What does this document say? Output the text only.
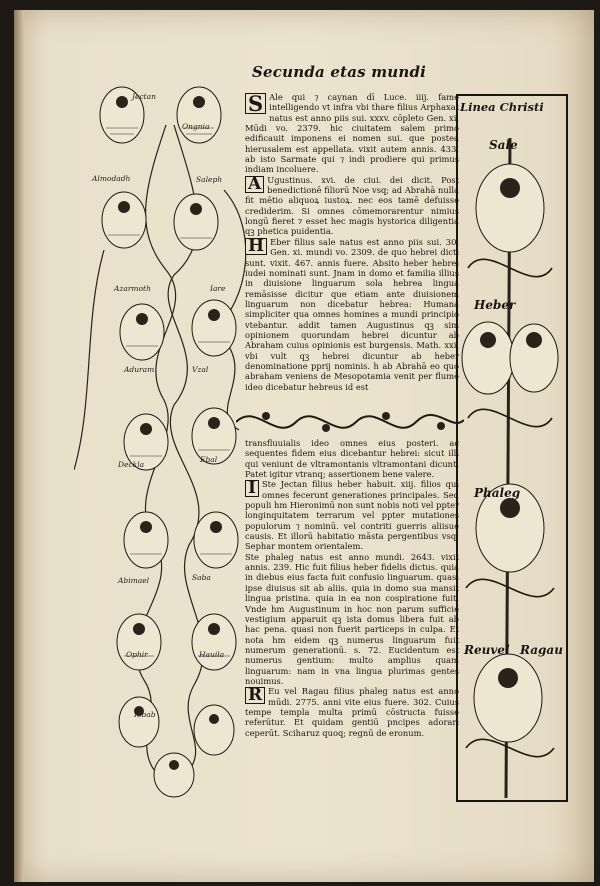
Secunda etas mundi
Jectan
Ongnia
Almodadh	Saleph
Azarmoth	Iare
Aduram	Vzal
Deckla
Ebal
Abimael	Saba
Ophir	Hauila
Iobab

S Ale qui ⁊ caynan dī Luce. iiij. fame intelligendo vt infra vbi thare filius Arphaxat natus est anno piis sui. xxxv. cōpleto Gen. xi. Mūdi vo. 2379. hic ciuitatem salem primo edificauit imponens ei nomen sui. que postea hierusalem est appellata. vixit autem annis. 433. ab isto Sarmate qui ⁊ indi prodiere qui primus indiam incoluere.

A Ugustinus. xvi. de ciui. dei dicit. Post benedictionē filiorū Noe vsq; ad Abrahā nulla fit mētio aliquoꝝ iustoꝝ. nec eos tamē defuisse crediderim. Si omnes cōmemorarentur nimius longū fieret ⁊ esset hec magis hystorica diligentia qꝫ phetica puidentia.

H Eber filius sale natus est anno piis sui. 30. Gen. xi. mundi vo. 2309. de quo hebrei dicti sunt. vixit. 467. annis fuere. Absito heber hebrei iudei nominati sunt. Jnam in domo et familia illius in diuisione linguarum sola hebrea lingua remāsisse dicitur que etiam ante diuisionem linguarum non dicebatur hebrea: Humana simpliciter qua omnes homines a mundi principio vtebantur. addit tamen Augustinus qꝫ sim opinionem quorundam hebrei dicuntur ab Abraham cuius opinionis est burgensis. Math. xxi. vbi vult qꝫ hebrei dicuntur ab heber denominatione pprij nominis. h ab Abrahā eo quo abraham veniens de Mesopotamia venit per flumē ideo dicebatur hebreus id est

transfluuialis ideo omnes eius posteri. ac sequentes fidem eius dicebantur hebrei: sicut illi qui veniunt de vltramontanis vltramontani dicunt. Patet igitur vtranq; assertionem bene valere.

I Ste Jectan filius heber habuit. xiij. filios qui omnes fecerunt generationes principales. Sed populi hm Hieronimū non sunt nobis noti vel ppter longinquitatem terrarum vel ppter mutationes populorum ⁊ nominū. vel contriti guerris aliisue causis. Et illorū habitatio māsta pergentibus vsq; Sephar montem orientalem.

Ste phaleg natus est anno mundi. 2643. vixit annis. 239. Hic fuit filius heber fidelis dictus. quia in diebus eius facta fuit confusio linguarum. quasi ipse diuisus sit ab aliis. quia in domo sua mansit lingua pristina. quia in ea non cospiratione fuit. Vnde hm Augustinum in hoc non parum sufficie vestigium apparuit qꝫ ista domus libera fuit ab hac pena. quasi non fuerit particeps in culpa. Et nota hm eidem qꝫ numerus linguarum fuit numerum generationū. s. 72. Eucidentum est numerus gentium: multo amplius quam linguarum: nam in vna lingua plurimas gentes nouimus.

R Eu vel Ragau filius phaleg natus est anno mūdi. 2775. anni vite eius fuere. 302. Cuius tempe templa multa primū cōstructa fuisse referūtur. Et quidam gentiū pncipes adorari ceperūt. Sciharuz quoq; regnū de eronum.

Linea Christi
Sale
Heber
Phaleg
Reuvel Ragau
